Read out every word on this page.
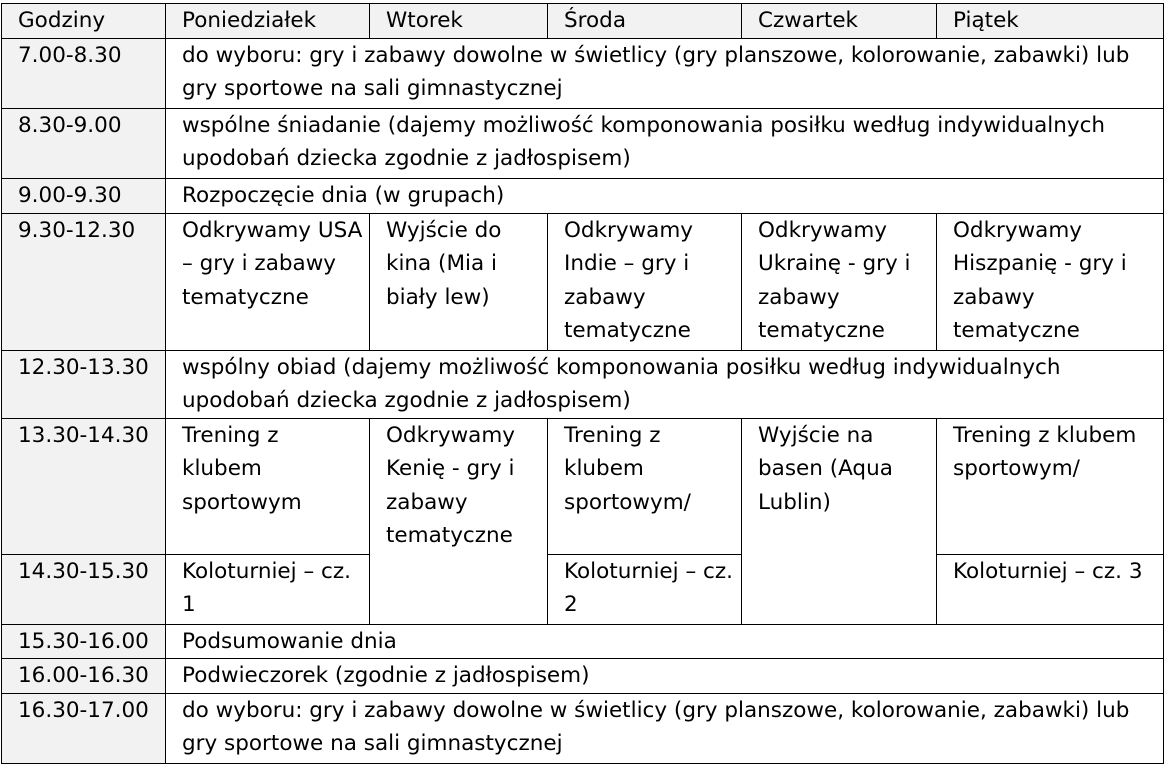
Godziny	Poniedziałek	Wtorek	Środa	Czwartek	Piątek
7.00-8.30	do wyboru: gry i zabawy dowolne w świetlicy (gry planszowe, kolorowanie, zabawki) lub gry sportowe na sali gimnastycznej				
8.30-9.00	wspólne śniadanie (dajemy możliwość komponowania posiłku według indywidualnych upodobań dziecka zgodnie z jadłospisem)				
9.00-9.30	Rozpoczęcie dnia (w grupach)				
9.30-12.30	Odkrywamy USA – gry i zabawy tematyczne	Wyjście do kina (Mia i biały lew)	Odkrywamy Indie – gry i zabawy tematyczne	Odkrywamy Ukrainę - gry i zabawy tematyczne	Odkrywamy Hiszpanię - gry i zabawy tematyczne
12.30-13.30	wspólny obiad (dajemy możliwość komponowania posiłku według indywidualnych upodobań dziecka zgodnie z jadłospisem)				
13.30-14.30	Trening z klubem sportowym	Odkrywamy Kenię - gry i zabawy tematyczne	Trening z klubem sportowym/	Wyjście na basen (Aqua Lublin)	Trening z klubem sportowym/
14.30-15.30	Koloturniej – cz. 1		Koloturniej – cz. 2		Koloturniej – cz. 3
15.30-16.00	Podsumowanie dnia				
16.00-16.30	Podwieczorek (zgodnie z jadłospisem)				
16.30-17.00	do wyboru: gry i zabawy dowolne w świetlicy (gry planszowe, kolorowanie, zabawki) lub gry sportowe na sali gimnastycznej				
